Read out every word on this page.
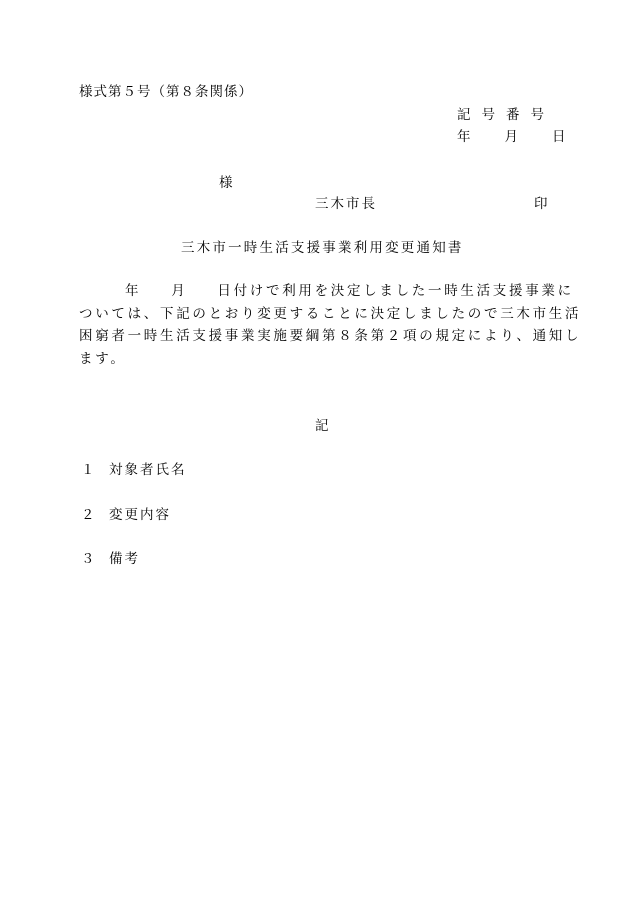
様式第５号（第８条関係）
記号番号
年	月	日
様
三木市長	印
三木市一時生活支援事業利用変更通知書
年 月 日付けで利用を決定しました一時生活支援事業に
ついては、下記のとおり変更することに決定しましたので三木市生活
困窮者一時生活支援事業実施要綱第８条第２項の規定により、通知し
ます。
記
１ 対象者氏名
２ 変更内容
３ 備考
